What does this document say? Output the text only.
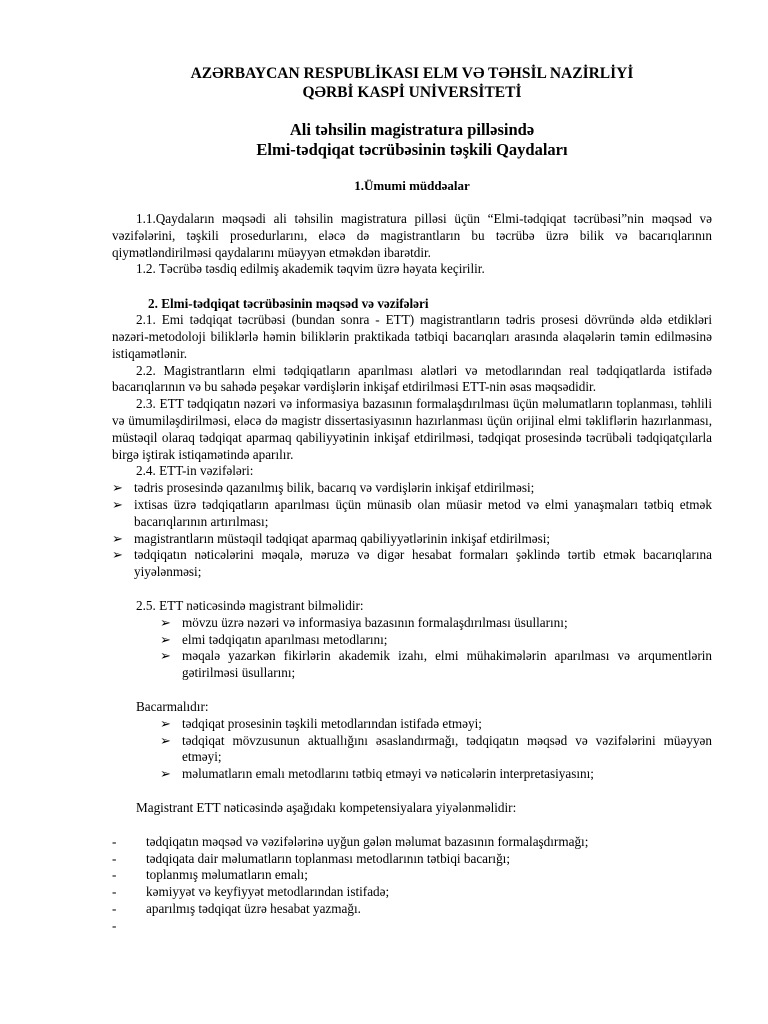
AZƏRBAYCAN RESPUBLİKASI ELM VƏ TƏHSİL NAZİRLİYİ
QƏRBİ KASPİ UNİVERSİTETİ
Ali təhsilin magistratura pilləsində
Elmi-tədqiqat təcrübəsinin təşkili Qaydaları
1.Ümumi müddəalar

1.1.Qaydaların məqsədi ali təhsilin magistratura pilləsi üçün “Elmi-tədqiqat təcrübəsi”nin məqsəd və vəzifələrini, təşkili prosedurlarını, eləcə də magistrantların bu təcrübə üzrə bilik və bacarıqlarının qiymətləndirilməsi qaydalarını müəyyən etməkdən ibarətdir.

1.2. Təcrübə təsdiq edilmiş akademik təqvim üzrə həyata keçirilir.

2. Elmi-tədqiqat təcrübəsinin məqsəd və vəzifələri

2.1. Emi tədqiqat təcrübəsi (bundan sonra - ETT) magistrantların tədris prosesi dövründə əldə etdikləri nəzəri-metodoloji biliklərlə həmin biliklərin praktikada tətbiqi bacarıqları arasında əlaqələrin təmin edilməsinə istiqamətlənir.

2.2. Magistrantların elmi tədqiqatların aparılması alətləri və metodlarından real tədqiqatlarda istifadə bacarıqlarının və bu sahədə peşəkar vərdişlərin inkişaf etdirilməsi ETT-nin əsas məqsədidir.

2.3. ETT tədqiqatın nəzəri və informasiya bazasının formalaşdırılması üçün məlumatların toplanması, təhlili və ümumiləşdirilməsi, eləcə də magistr dissertasiyasının hazırlanması üçün orijinal elmi təkliflərin hazırlanması, müstəqil olaraq tədqiqat aparmaq qabiliyyətinin inkişaf etdirilməsi, tədqiqat prosesində təcrübəli tədqiqatçılarla birgə iştirak istiqamətində aparılır.

2.4. ETT-in vəzifələri:

➢ tədris prosesində qazanılmış bilik, bacarıq və vərdişlərin inkişaf etdirilməsi;
➢ ixtisas üzrə tədqiqatların aparılması üçün münasib olan müasir metod və elmi yanaşmaları tətbiq etmək bacarıqlarının artırılması;
➢ magistrantların müstəqil tədqiqat aparmaq qabiliyyətlərinin inkişaf etdirilməsi;
➢ tədqiqatın nəticələrini məqalə, məruzə və digər hesabat formaları şəklində tərtib etmək bacarıqlarına yiyələnməsi;

2.5. ETT nəticəsində magistrant bilməlidir:

➢ mövzu üzrə nəzəri və informasiya bazasının formalaşdırılması üsullarını;
➢ elmi tədqiqatın aparılması metodlarını;
➢ məqalə yazarkən fikirlərin akademik izahı, elmi mühakimələrin aparılması və arqumentlərin gətirilməsi üsullarını;

Bacarmalıdır:

➢ tədqiqat prosesinin təşkili metodlarından istifadə etməyi;
➢ tədqiqat mövzusunun aktuallığını əsaslandırmağı, tədqiqatın məqsəd və vəzifələrini müəyyən etməyi;
➢ məlumatların emalı metodlarını tətbiq etməyi və nəticələrin interpretasiyasını;

Magistrant ETT nəticəsində aşağıdakı kompetensiyalara yiyələnməlidir:

- tədqiqatın məqsəd və vəzifələrinə uyğun gələn məlumat bazasının formalaşdırmağı;
- tədqiqata dair məlumatların toplanması metodlarının tətbiqi bacarığı;
- toplanmış məlumatların emalı;
- kəmiyyət və keyfiyyət metodlarından istifadə;
- aparılmış tədqiqat üzrə hesabat yazmağı.
-
